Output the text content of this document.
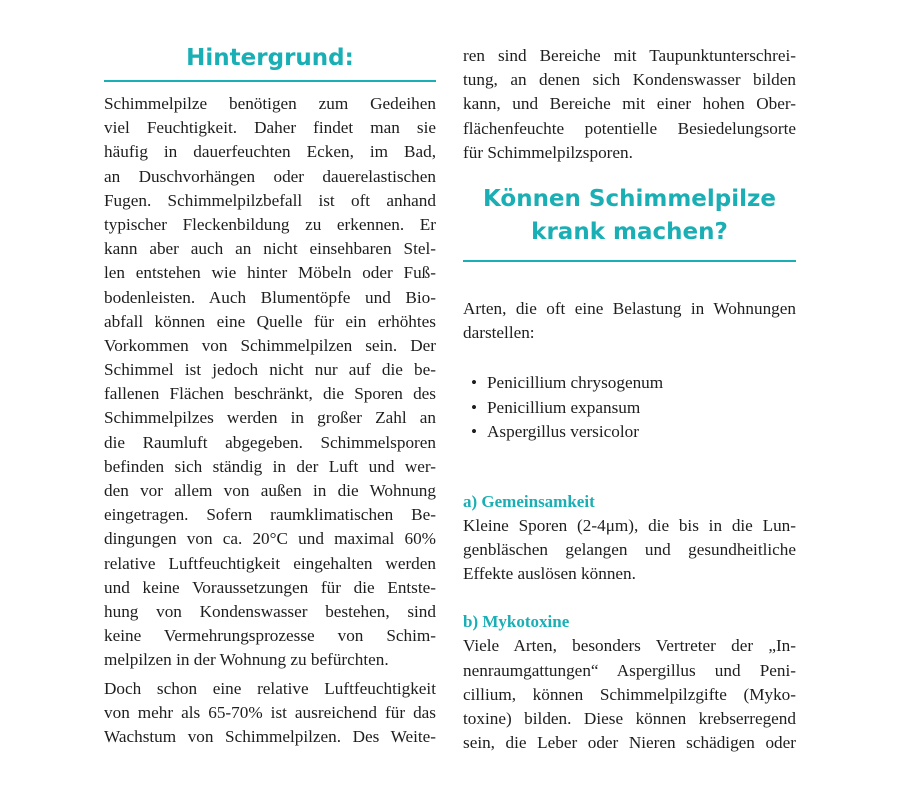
Hintergrund:
Schimmelpilze benötigen zum Gedeihen
viel Feuchtigkeit. Daher findet man sie
häufig in dauerfeuchten Ecken, im Bad,
an Duschvorhängen oder dauerelastischen
Fugen. Schimmelpilzbefall ist oft anhand
typischer Fleckenbildung zu erkennen. Er
kann aber auch an nicht einsehbaren Stel-
len entstehen wie hinter Möbeln oder Fuß-
bodenleisten. Auch Blumentöpfe und Bio-
abfall können eine Quelle für ein erhöhtes
Vorkommen von Schimmelpilzen sein. Der
Schimmel ist jedoch nicht nur auf die be-
fallenen Flächen beschränkt, die Sporen des
Schimmelpilzes werden in großer Zahl an
die Raumluft abgegeben. Schimmelsporen
befinden sich ständig in der Luft und wer-
den vor allem von außen in die Wohnung
eingetragen. Sofern raumklimatischen Be-
dingungen von ca. 20°C und maximal 60%
relative Luftfeuchtigkeit eingehalten werden
und keine Voraussetzungen für die Entste-
hung von Kondenswasser bestehen, sind
keine Vermehrungsprozesse von Schim-
melpilzen in der Wohnung zu befürchten.
Doch schon eine relative Luftfeuchtigkeit
von mehr als 65-70% ist ausreichend für das
Wachstum von Schimmelpilzen. Des Weite-
ren sind Bereiche mit Taupunktunterschrei-
tung, an denen sich Kondenswasser bilden
kann, und Bereiche mit einer hohen Ober-
flächenfeuchte potentielle Besiedelungsorte
für Schimmelpilzsporen.
Können Schimmelpilze
krank machen?
Arten, die oft eine Belastung in Wohnungen
darstellen:
• Penicillium chrysogenum
• Penicillium expansum
• Aspergillus versicolor
a) Gemeinsamkeit
Kleine Sporen (2-4μm), die bis in die Lun-
genbläschen gelangen und gesundheitliche
Effekte auslösen können.
b) Mykotoxine
Viele Arten, besonders Vertreter der „In-
nenraumgattungen“ Aspergillus und Peni-
cillium, können Schimmelpilzgifte (Myko-
toxine) bilden. Diese können krebserregend
sein, die Leber oder Nieren schädigen oder
